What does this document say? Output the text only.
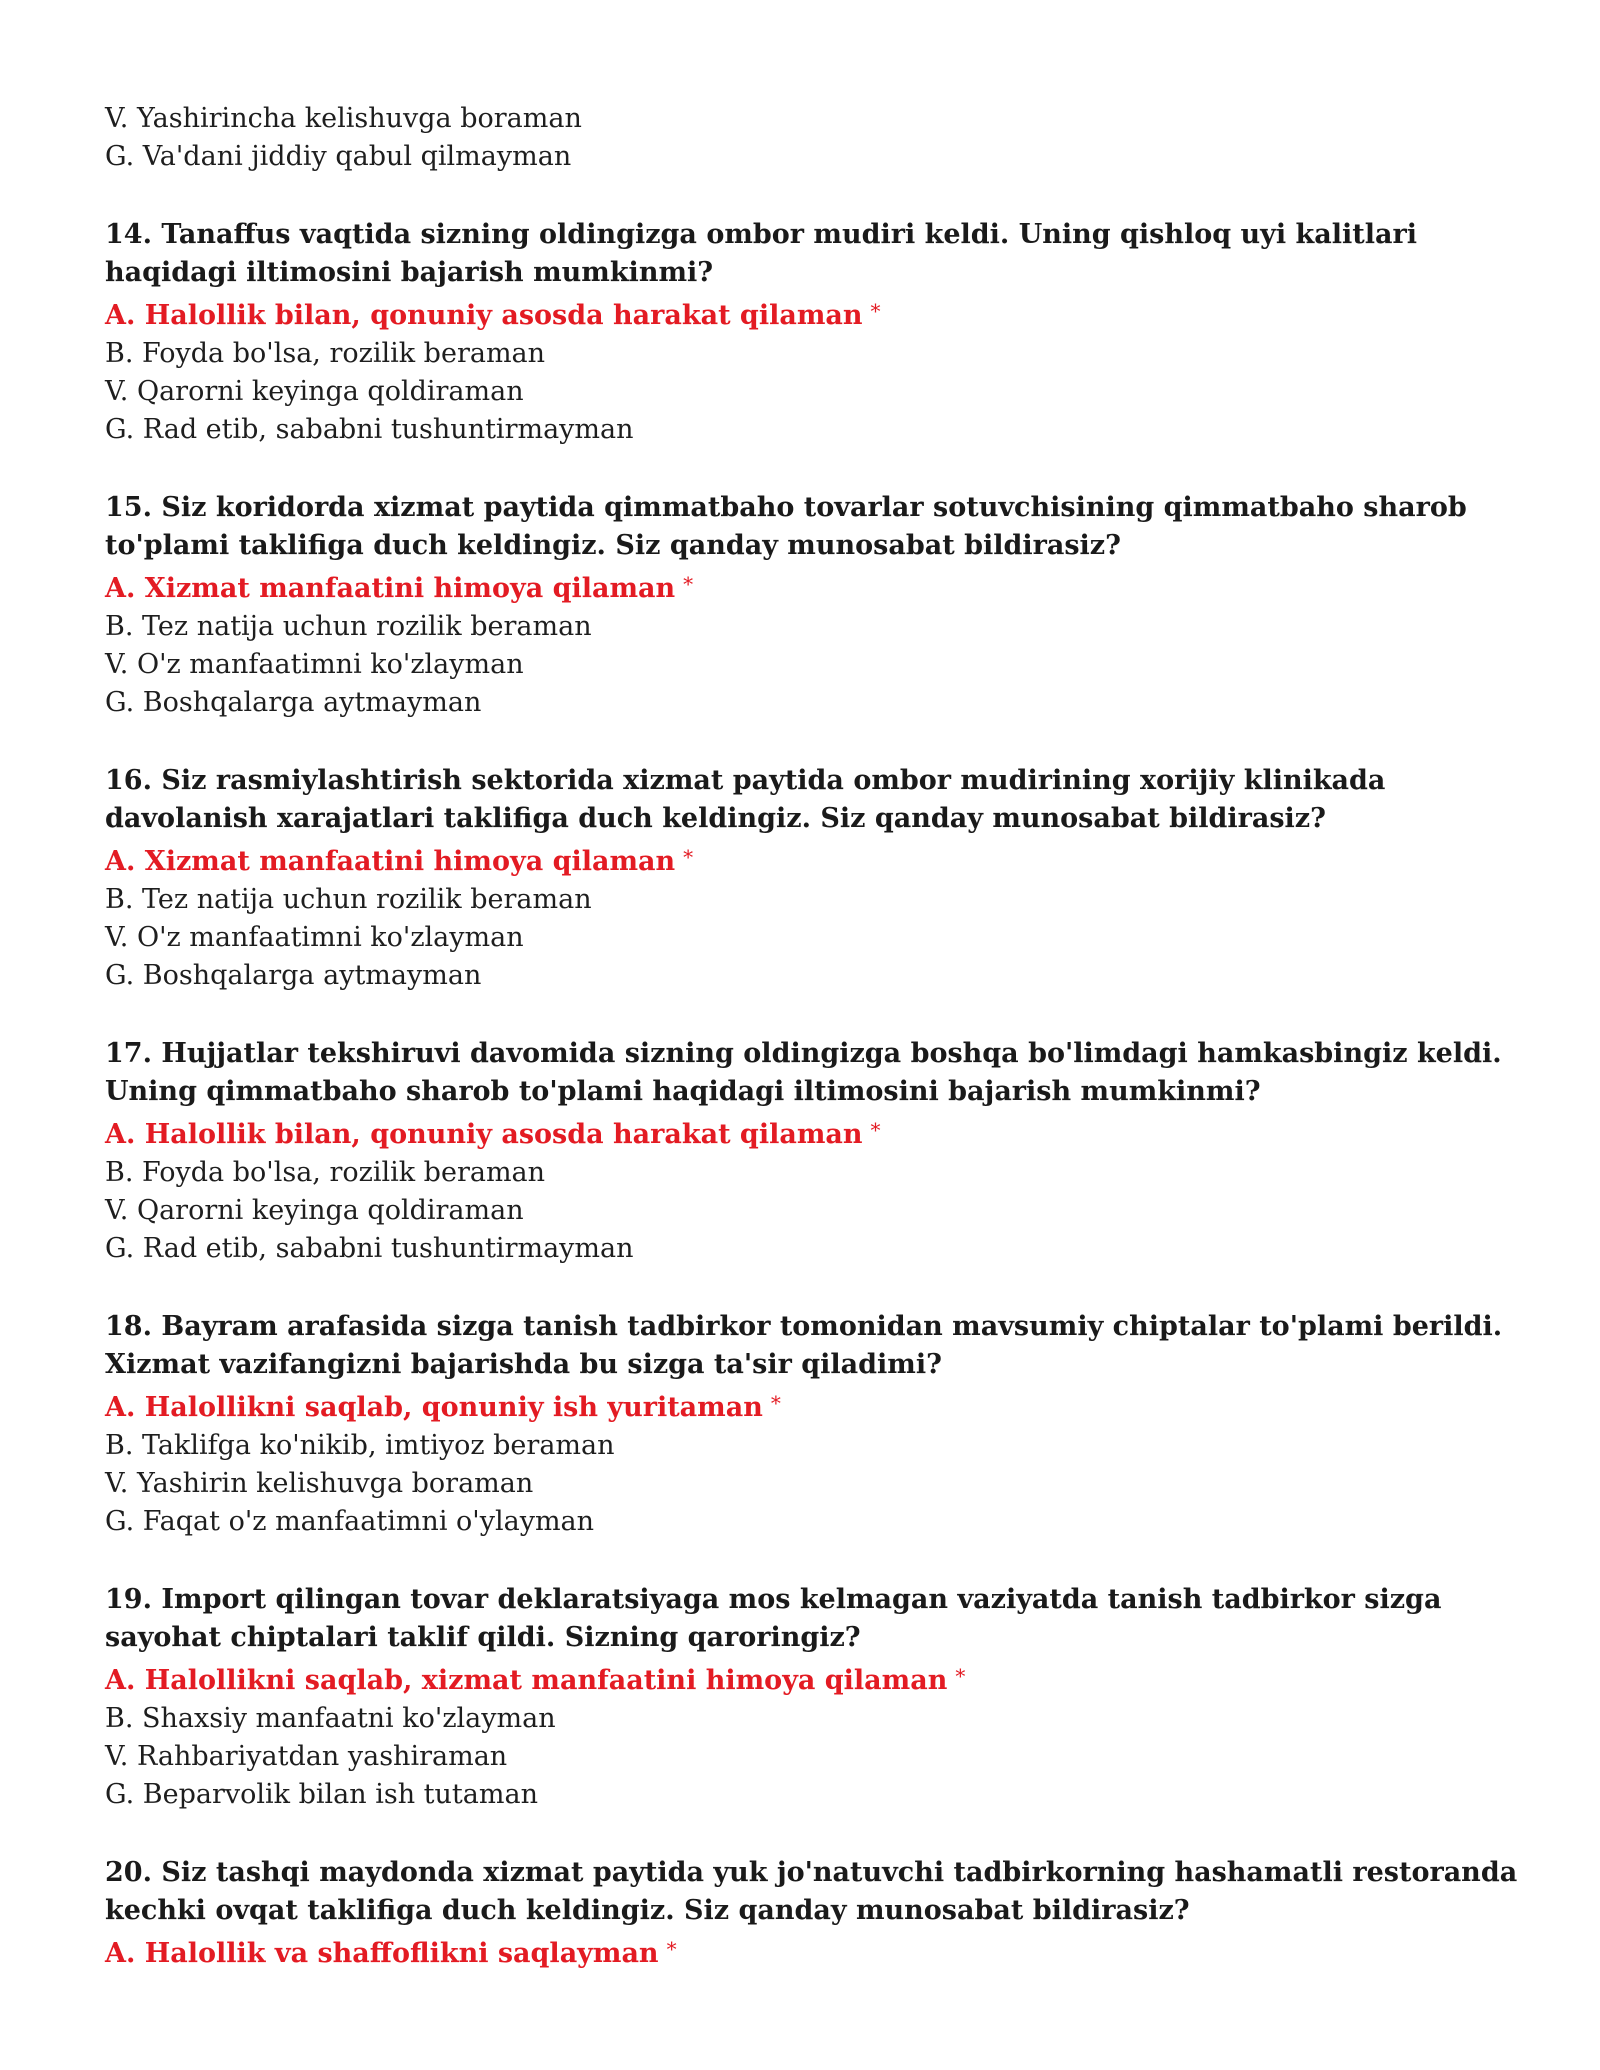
V. Yashirincha kelishuvga boraman

G. Va'dani jiddiy qabul qilmayman

14. Tanaffus vaqtida sizning oldingizga ombor mudiri keldi. Uning qishloq uyi kalitlari haqidagi iltimosini bajarish mumkinmi?

A. Halollik bilan, qonuniy asosda harakat qilaman *

B. Foyda bo'lsa, rozilik beraman

V. Qarorni keyinga qoldiraman

G. Rad etib, sababni tushuntirmayman

15. Siz koridorda xizmat paytida qimmatbaho tovarlar sotuvchisining qimmatbaho sharob to'plami taklifiga duch keldingiz. Siz qanday munosabat bildirasiz?

A. Xizmat manfaatini himoya qilaman *

B. Tez natija uchun rozilik beraman

V. O'z manfaatimni ko'zlayman

G. Boshqalarga aytmayman

16. Siz rasmiylashtirish sektorida xizmat paytida ombor mudirining xorijiy klinikada davolanish xarajatlari taklifiga duch keldingiz. Siz qanday munosabat bildirasiz?

A. Xizmat manfaatini himoya qilaman *

B. Tez natija uchun rozilik beraman

V. O'z manfaatimni ko'zlayman

G. Boshqalarga aytmayman

17. Hujjatlar tekshiruvi davomida sizning oldingizga boshqa bo'limdagi hamkasbingiz keldi. Uning qimmatbaho sharob to'plami haqidagi iltimosini bajarish mumkinmi?

A. Halollik bilan, qonuniy asosda harakat qilaman *

B. Foyda bo'lsa, rozilik beraman

V. Qarorni keyinga qoldiraman

G. Rad etib, sababni tushuntirmayman

18. Bayram arafasida sizga tanish tadbirkor tomonidan mavsumiy chiptalar to'plami berildi. Xizmat vazifangizni bajarishda bu sizga ta'sir qiladimi?

A. Halollikni saqlab, qonuniy ish yuritaman *

B. Taklifga ko'nikib, imtiyoz beraman

V. Yashirin kelishuvga boraman

G. Faqat o'z manfaatimni o'ylayman

19. Import qilingan tovar deklaratsiyaga mos kelmagan vaziyatda tanish tadbirkor sizga sayohat chiptalari taklif qildi. Sizning qaroringiz?

A. Halollikni saqlab, xizmat manfaatini himoya qilaman *

B. Shaxsiy manfaatni ko'zlayman

V. Rahbariyatdan yashiraman

G. Beparvolik bilan ish tutaman

20. Siz tashqi maydonda xizmat paytida yuk jo'natuvchi tadbirkorning hashamatli restoranda kechki ovqat taklifiga duch keldingiz. Siz qanday munosabat bildirasiz?

A. Halollik va shaffoflikni saqlayman *
